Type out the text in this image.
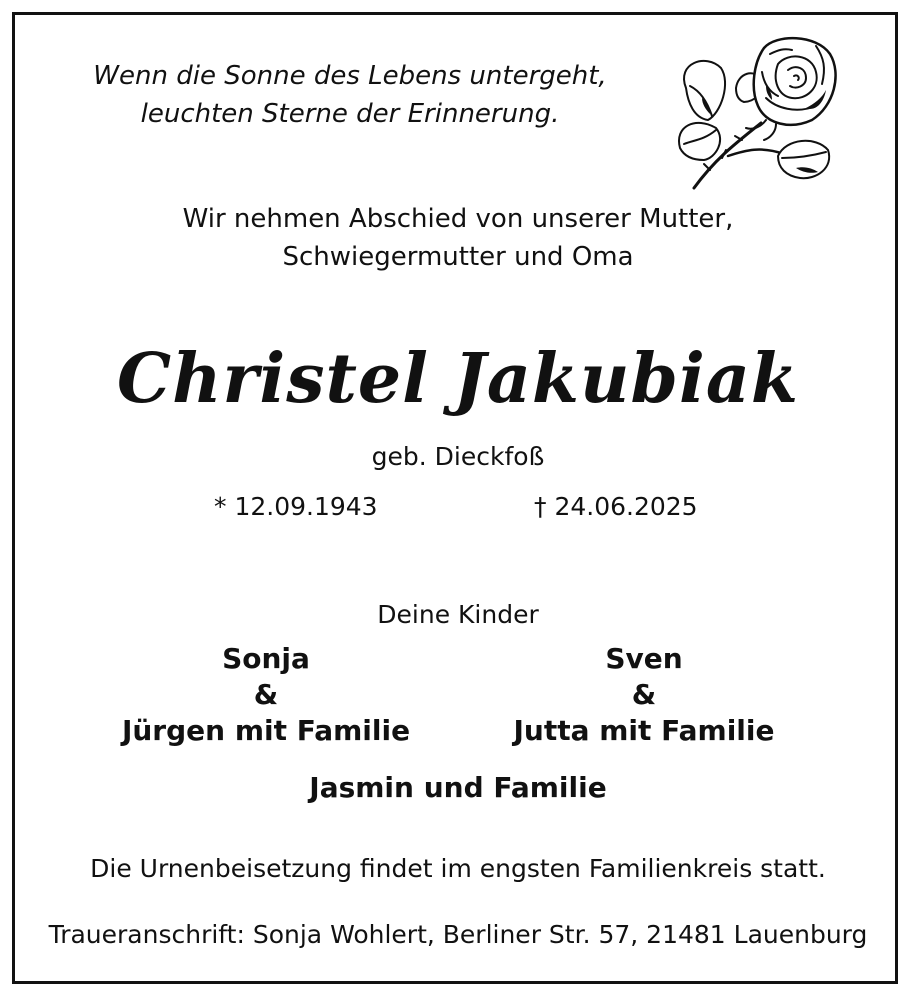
Wenn die Sonne des Lebens untergeht,
leuchten Sterne der Erinnerung.
Wir nehmen Abschied von unserer Mutter,
Schwiegermutter und Oma
Christel Jakubiak
geb. Dieckfoß
* 12.09.1943	† 24.06.2025
Deine Kinder
Sonja
&
Jürgen mit Familie
Sven
&
Jutta mit Familie
Jasmin und Familie
Die Urnenbeisetzung findet im engsten Familienkreis statt.
Traueranschrift: Sonja Wohlert, Berliner Str. 57, 21481 Lauenburg
